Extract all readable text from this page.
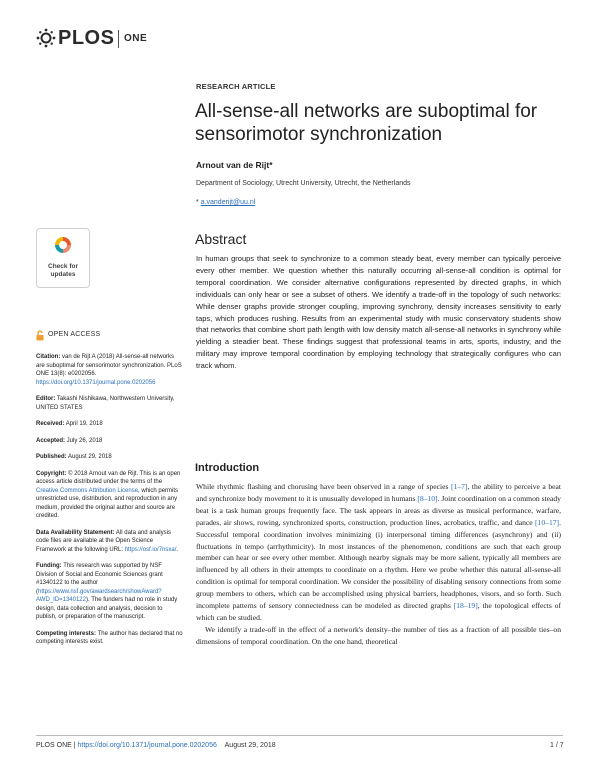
PLOS ONE
RESEARCH ARTICLE
All-sense-all networks are suboptimal for sensorimotor synchronization
Arnout van de Rijt*
Department of Sociology, Utrecht University, Utrecht, the Netherlands
* a.vanderijt@uu.nl
Abstract
In human groups that seek to synchronize to a common steady beat, every member can typically perceive every other member. We question whether this naturally occurring all-sense-all condition is optimal for temporal coordination. We consider alternative configurations represented by directed graphs, in which individuals can only hear or see a subset of others. We identify a trade-off in the topology of such networks: While denser graphs provide stronger coupling, improving synchrony, density increases sensitivity to early taps, which produces rushing. Results from an experimental study with music conservatory students show that networks that combine short path length with low density match all-sense-all networks in synchrony while yielding a steadier beat. These findings suggest that professional teams in arts, sports, industry, and the military may improve temporal coordination by employing technology that strategically configures who can track whom.
Introduction

While rhythmic flashing and chorusing have been observed in a range of species [1–7], the ability to perceive a beat and synchronize body movement to it is unusually developed in humans [8–10]. Joint coordination on a common steady beat is a task human groups frequently face. The task appears in areas as diverse as musical performance, warfare, parades, air shows, rowing, synchronized sports, construction, production lines, acrobatics, traffic, and dance [10–17]. Successful temporal coordination involves minimizing (i) interpersonal timing differences (asynchrony) and (ii) fluctuations in tempo (arrhythmicity). In most instances of the phenomenon, conditions are such that each group member can hear or see every other member. Although nearby signals may be more salient, typically all members are influenced by all others in their attempts to coordinate on a rhythm. Here we probe whether this natural all-sense-all condition is optimal for temporal coordination. We consider the possibility of disabling sensory connections from some group members to others, which can be accomplished using physical barriers, headphones, visors, and so forth. Such incomplete patterns of sensory connectedness can be modeled as directed graphs [18–19], the topological effects of which can be studied.

We identify a trade-off in the effect of a network's density–the number of ties as a fraction of all possible ties–on dimensions of temporal coordination. On the one hand, theoretical

Check for
updates
OPEN ACCESS
Citation: van de Rijt A (2018) All-sense-all networks are suboptimal for sensorimotor synchronization. PLoS ONE 13(8): e0202056. https://doi.org/10.1371/journal.pone.0202056
Editor: Takashi Nishikawa, Northwestern University, UNITED STATES
Received: April 19, 2018
Accepted: July 26, 2018
Published: August 29, 2018
Copyright: © 2018 Arnout van de Rijt. This is an open access article distributed under the terms of the Creative Commons Attribution License, which permits unrestricted use, distribution, and reproduction in any medium, provided the original author and source are credited.
Data Availability Statement: All data and analysis code files are available at the Open Science Framework at the following URL: https://osf.io/7nsxa/.
Funding: This research was supported by NSF Division of Social and Economic Sciences grant #1340122 to the author (https://www.nsf.gov/awardsearch/showAward?AWD_ID=1340122). The funders had no role in study design, data collection and analysis, decision to publish, or preparation of the manuscript.
Competing interests: The author has declared that no competing interests exist.
PLOS ONE | https://doi.org/10.1371/journal.pone.0202056 August 29, 2018	1 / 7
